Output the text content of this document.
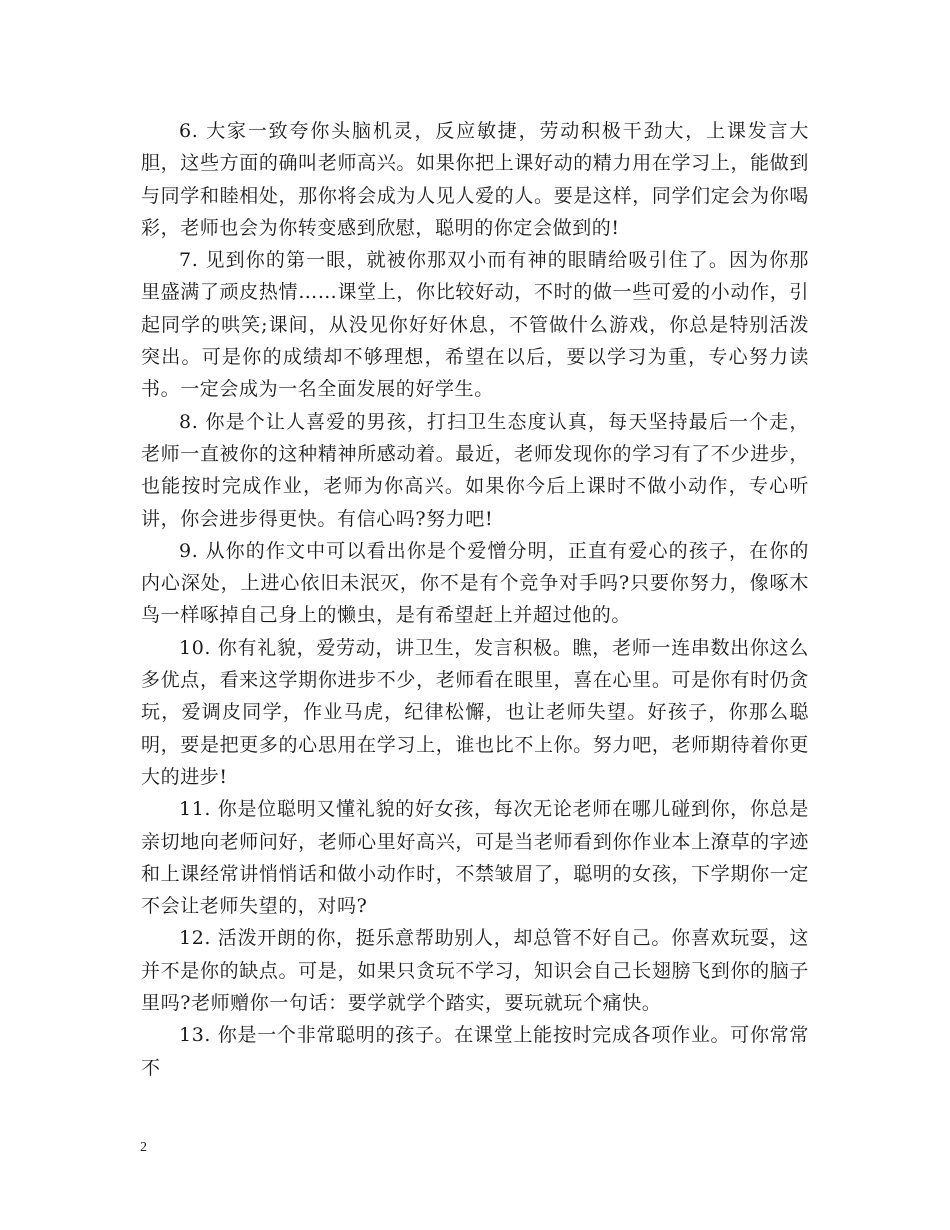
6. 大家一致夸你头脑机灵，反应敏捷，劳动积极干劲大，上课发言大胆，这些方面的确叫老师高兴。如果你把上课好动的精力用在学习上，能做到与同学和睦相处，那你将会成为人见人爱的人。要是这样，同学们定会为你喝彩，老师也会为你转变感到欣慰，聪明的你定会做到的!

7. 见到你的第一眼，就被你那双小而有神的眼睛给吸引住了。因为你那里盛满了顽皮热情……课堂上，你比较好动，不时的做一些可爱的小动作，引起同学的哄笑;课间，从没见你好好休息，不管做什么游戏，你总是特别活泼突出。可是你的成绩却不够理想，希望在以后，要以学习为重，专心努力读书。一定会成为一名全面发展的好学生。

8. 你是个让人喜爱的男孩，打扫卫生态度认真，每天坚持最后一个走，老师一直被你的这种精神所感动着。最近，老师发现你的学习有了不少进步，也能按时完成作业，老师为你高兴。如果你今后上课时不做小动作，专心听讲，你会进步得更快。有信心吗?努力吧!

9. 从你的作文中可以看出你是个爱憎分明，正直有爱心的孩子，在你的内心深处，上进心依旧未泯灭，你不是有个竞争对手吗?只要你努力，像啄木鸟一样啄掉自己身上的懒虫，是有希望赶上并超过他的。

10. 你有礼貌，爱劳动，讲卫生，发言积极。瞧，老师一连串数出你这么多优点，看来这学期你进步不少，老师看在眼里，喜在心里。可是你有时仍贪玩，爱调皮同学，作业马虎，纪律松懈，也让老师失望。好孩子，你那么聪明，要是把更多的心思用在学习上，谁也比不上你。努力吧，老师期待着你更大的进步!

11. 你是位聪明又懂礼貌的好女孩，每次无论老师在哪儿碰到你，你总是亲切地向老师问好，老师心里好高兴，可是当老师看到你作业本上潦草的字迹和上课经常讲悄悄话和做小动作时，不禁皱眉了，聪明的女孩，下学期你一定不会让老师失望的，对吗?

12. 活泼开朗的你，挺乐意帮助别人，却总管不好自己。你喜欢玩耍，这并不是你的缺点。可是，如果只贪玩不学习，知识会自己长翅膀飞到你的脑子里吗?老师赠你一句话：要学就学个踏实，要玩就玩个痛快。

13. 你是一个非常聪明的孩子。在课堂上能按时完成各项作业。可你常常不

2
